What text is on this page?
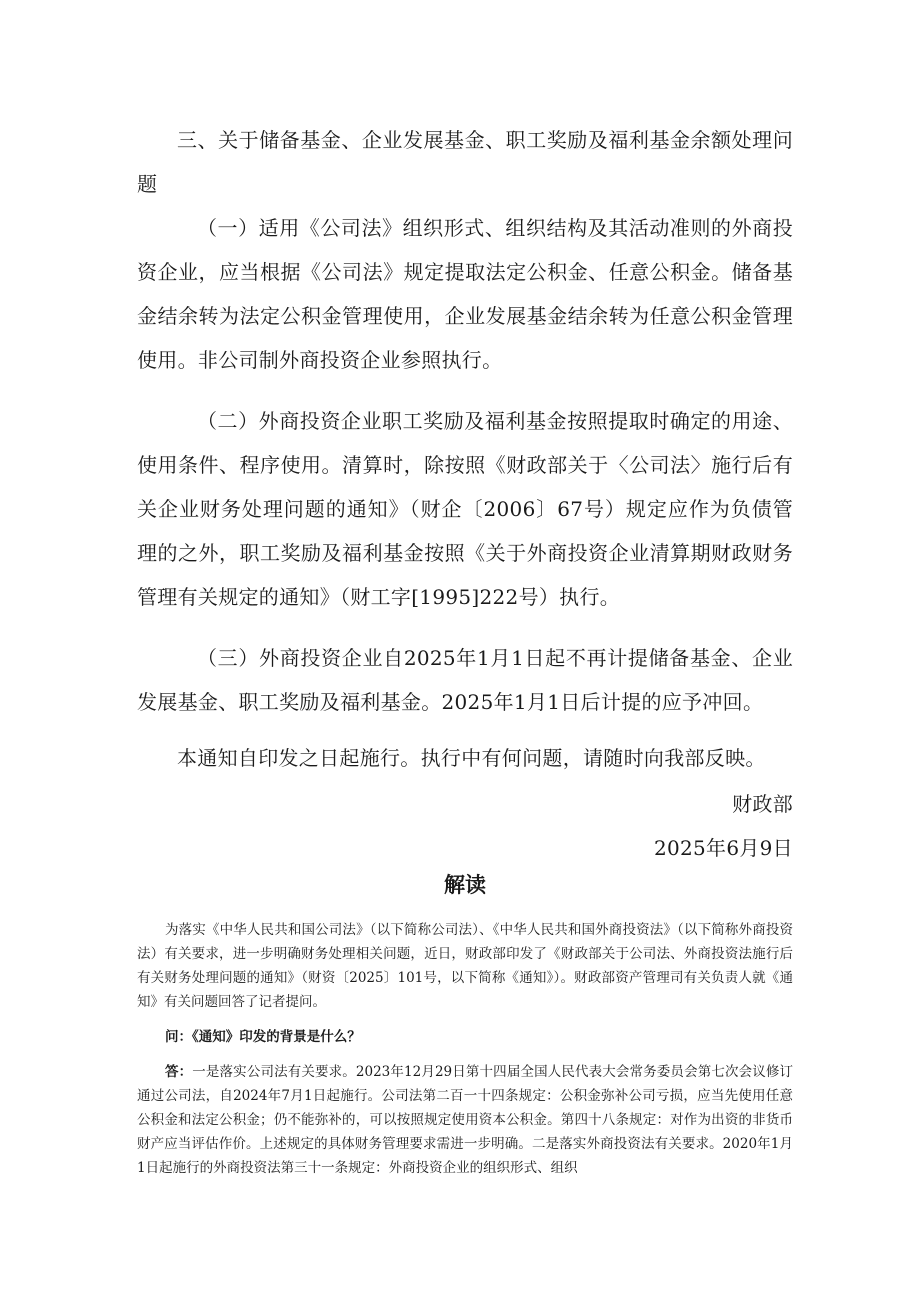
三、关于储备基金、企业发展基金、职工奖励及福利基金余额处理问题

（一）适用《公司法》组织形式、组织结构及其活动准则的外商投资企业，应当根据《公司法》规定提取法定公积金、任意公积金。储备基金结余转为法定公积金管理使用，企业发展基金结余转为任意公积金管理使用。非公司制外商投资企业参照执行。

（二）外商投资企业职工奖励及福利基金按照提取时确定的用途、使用条件、程序使用。清算时，除按照《财政部关于〈公司法〉施行后有关企业财务处理问题的通知》（财企〔2006〕67号）规定应作为负债管理的之外，职工奖励及福利基金按照《关于外商投资企业清算期财政财务管理有关规定的通知》（财工字[1995]222号）执行。

（三）外商投资企业自2025年1月1日起不再计提储备基金、企业发展基金、职工奖励及福利基金。2025年1月1日后计提的应予冲回。

本通知自印发之日起施行。执行中有何问题，请随时向我部反映。

财政部

2025年6月9日

解读

为落实《中华人民共和国公司法》（以下简称公司法）、《中华人民共和国外商投资法》（以下简称外商投资法）有关要求，进一步明确财务处理相关问题，近日，财政部印发了《财政部关于公司法、外商投资法施行后有关财务处理问题的通知》（财资〔2025〕101号，以下简称《通知》）。财政部资产管理司有关负责人就《通知》有关问题回答了记者提问。

问：《通知》印发的背景是什么？

答：一是落实公司法有关要求。2023年12月29日第十四届全国人民代表大会常务委员会第七次会议修订通过公司法，自2024年7月1日起施行。公司法第二百一十四条规定：公积金弥补公司亏损，应当先使用任意公积金和法定公积金；仍不能弥补的，可以按照规定使用资本公积金。第四十八条规定：对作为出资的非货币财产应当评估作价。上述规定的具体财务管理要求需进一步明确。二是落实外商投资法有关要求。2020年1月1日起施行的外商投资法第三十一条规定：外商投资企业的组织形式、组织
